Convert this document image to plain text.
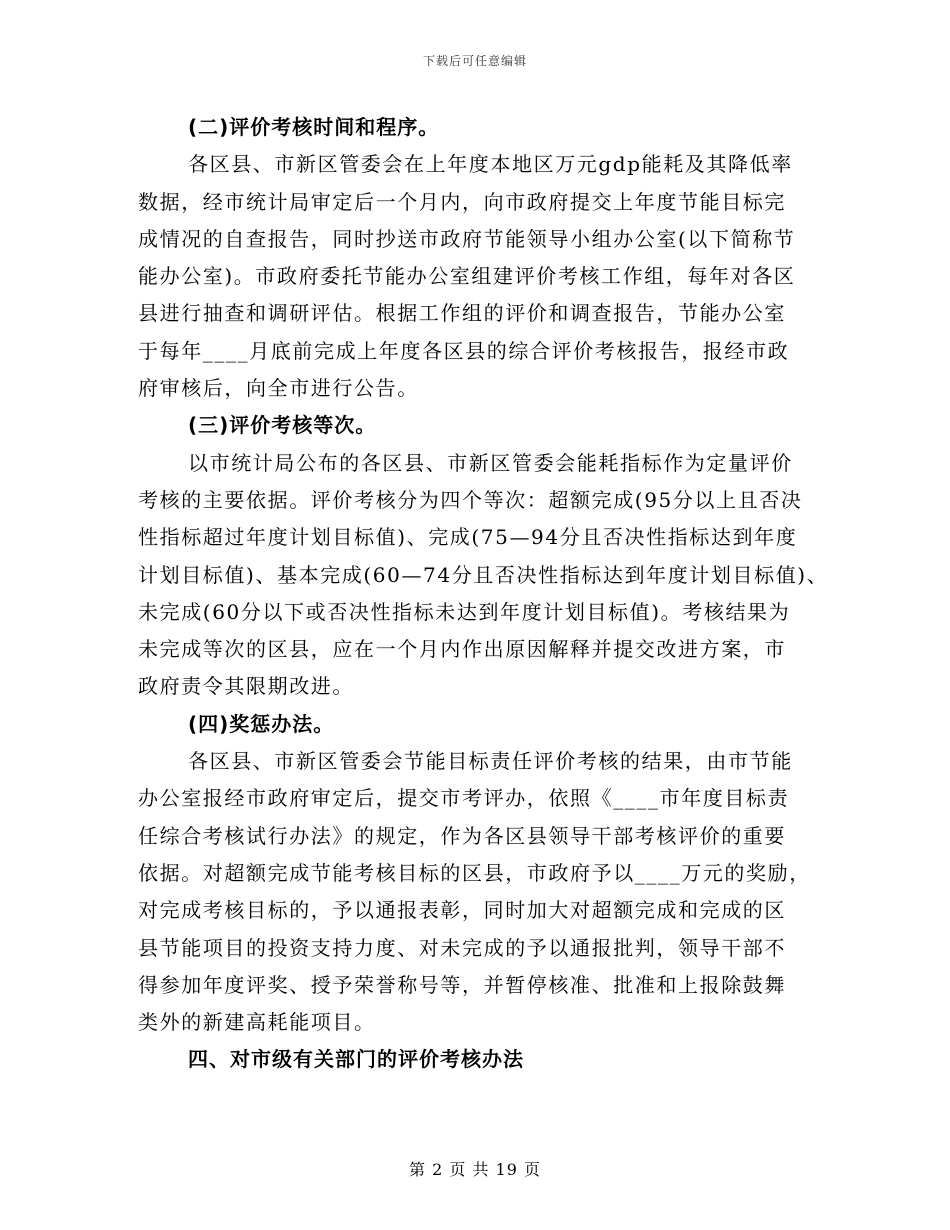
下载后可任意编辑
(二)评价考核时间和程序。
各区县、市新区管委会在上年度本地区万元gdp能耗及其降低率
数据，经市统计局审定后一个月内，向市政府提交上年度节能目标完
成情况的自查报告，同时抄送市政府节能领导小组办公室(以下简称节
能办公室)。市政府委托节能办公室组建评价考核工作组，每年对各区
县进行抽查和调研评估。根据工作组的评价和调查报告，节能办公室
于每年____月底前完成上年度各区县的综合评价考核报告，报经市政
府审核后，向全市进行公告。
(三)评价考核等次。
以市统计局公布的各区县、市新区管委会能耗指标作为定量评价
考核的主要依据。评价考核分为四个等次：超额完成(95分以上且否决
性指标超过年度计划目标值)、完成(75—94分且否决性指标达到年度
计划目标值)、基本完成(60—74分且否决性指标达到年度计划目标值)、
未完成(60分以下或否决性指标未达到年度计划目标值)。考核结果为
未完成等次的区县，应在一个月内作出原因解释并提交改进方案，市
政府责令其限期改进。
(四)奖惩办法。
各区县、市新区管委会节能目标责任评价考核的结果，由市节能
办公室报经市政府审定后，提交市考评办，依照《____市年度目标责
任综合考核试行办法》的规定，作为各区县领导干部考核评价的重要
依据。对超额完成节能考核目标的区县，市政府予以____万元的奖励，
对完成考核目标的，予以通报表彰，同时加大对超额完成和完成的区
县节能项目的投资支持力度、对未完成的予以通报批判，领导干部不
得参加年度评奖、授予荣誉称号等，并暂停核准、批准和上报除鼓舞
类外的新建高耗能项目。
四、对市级有关部门的评价考核办法
第 2 页 共 19 页
